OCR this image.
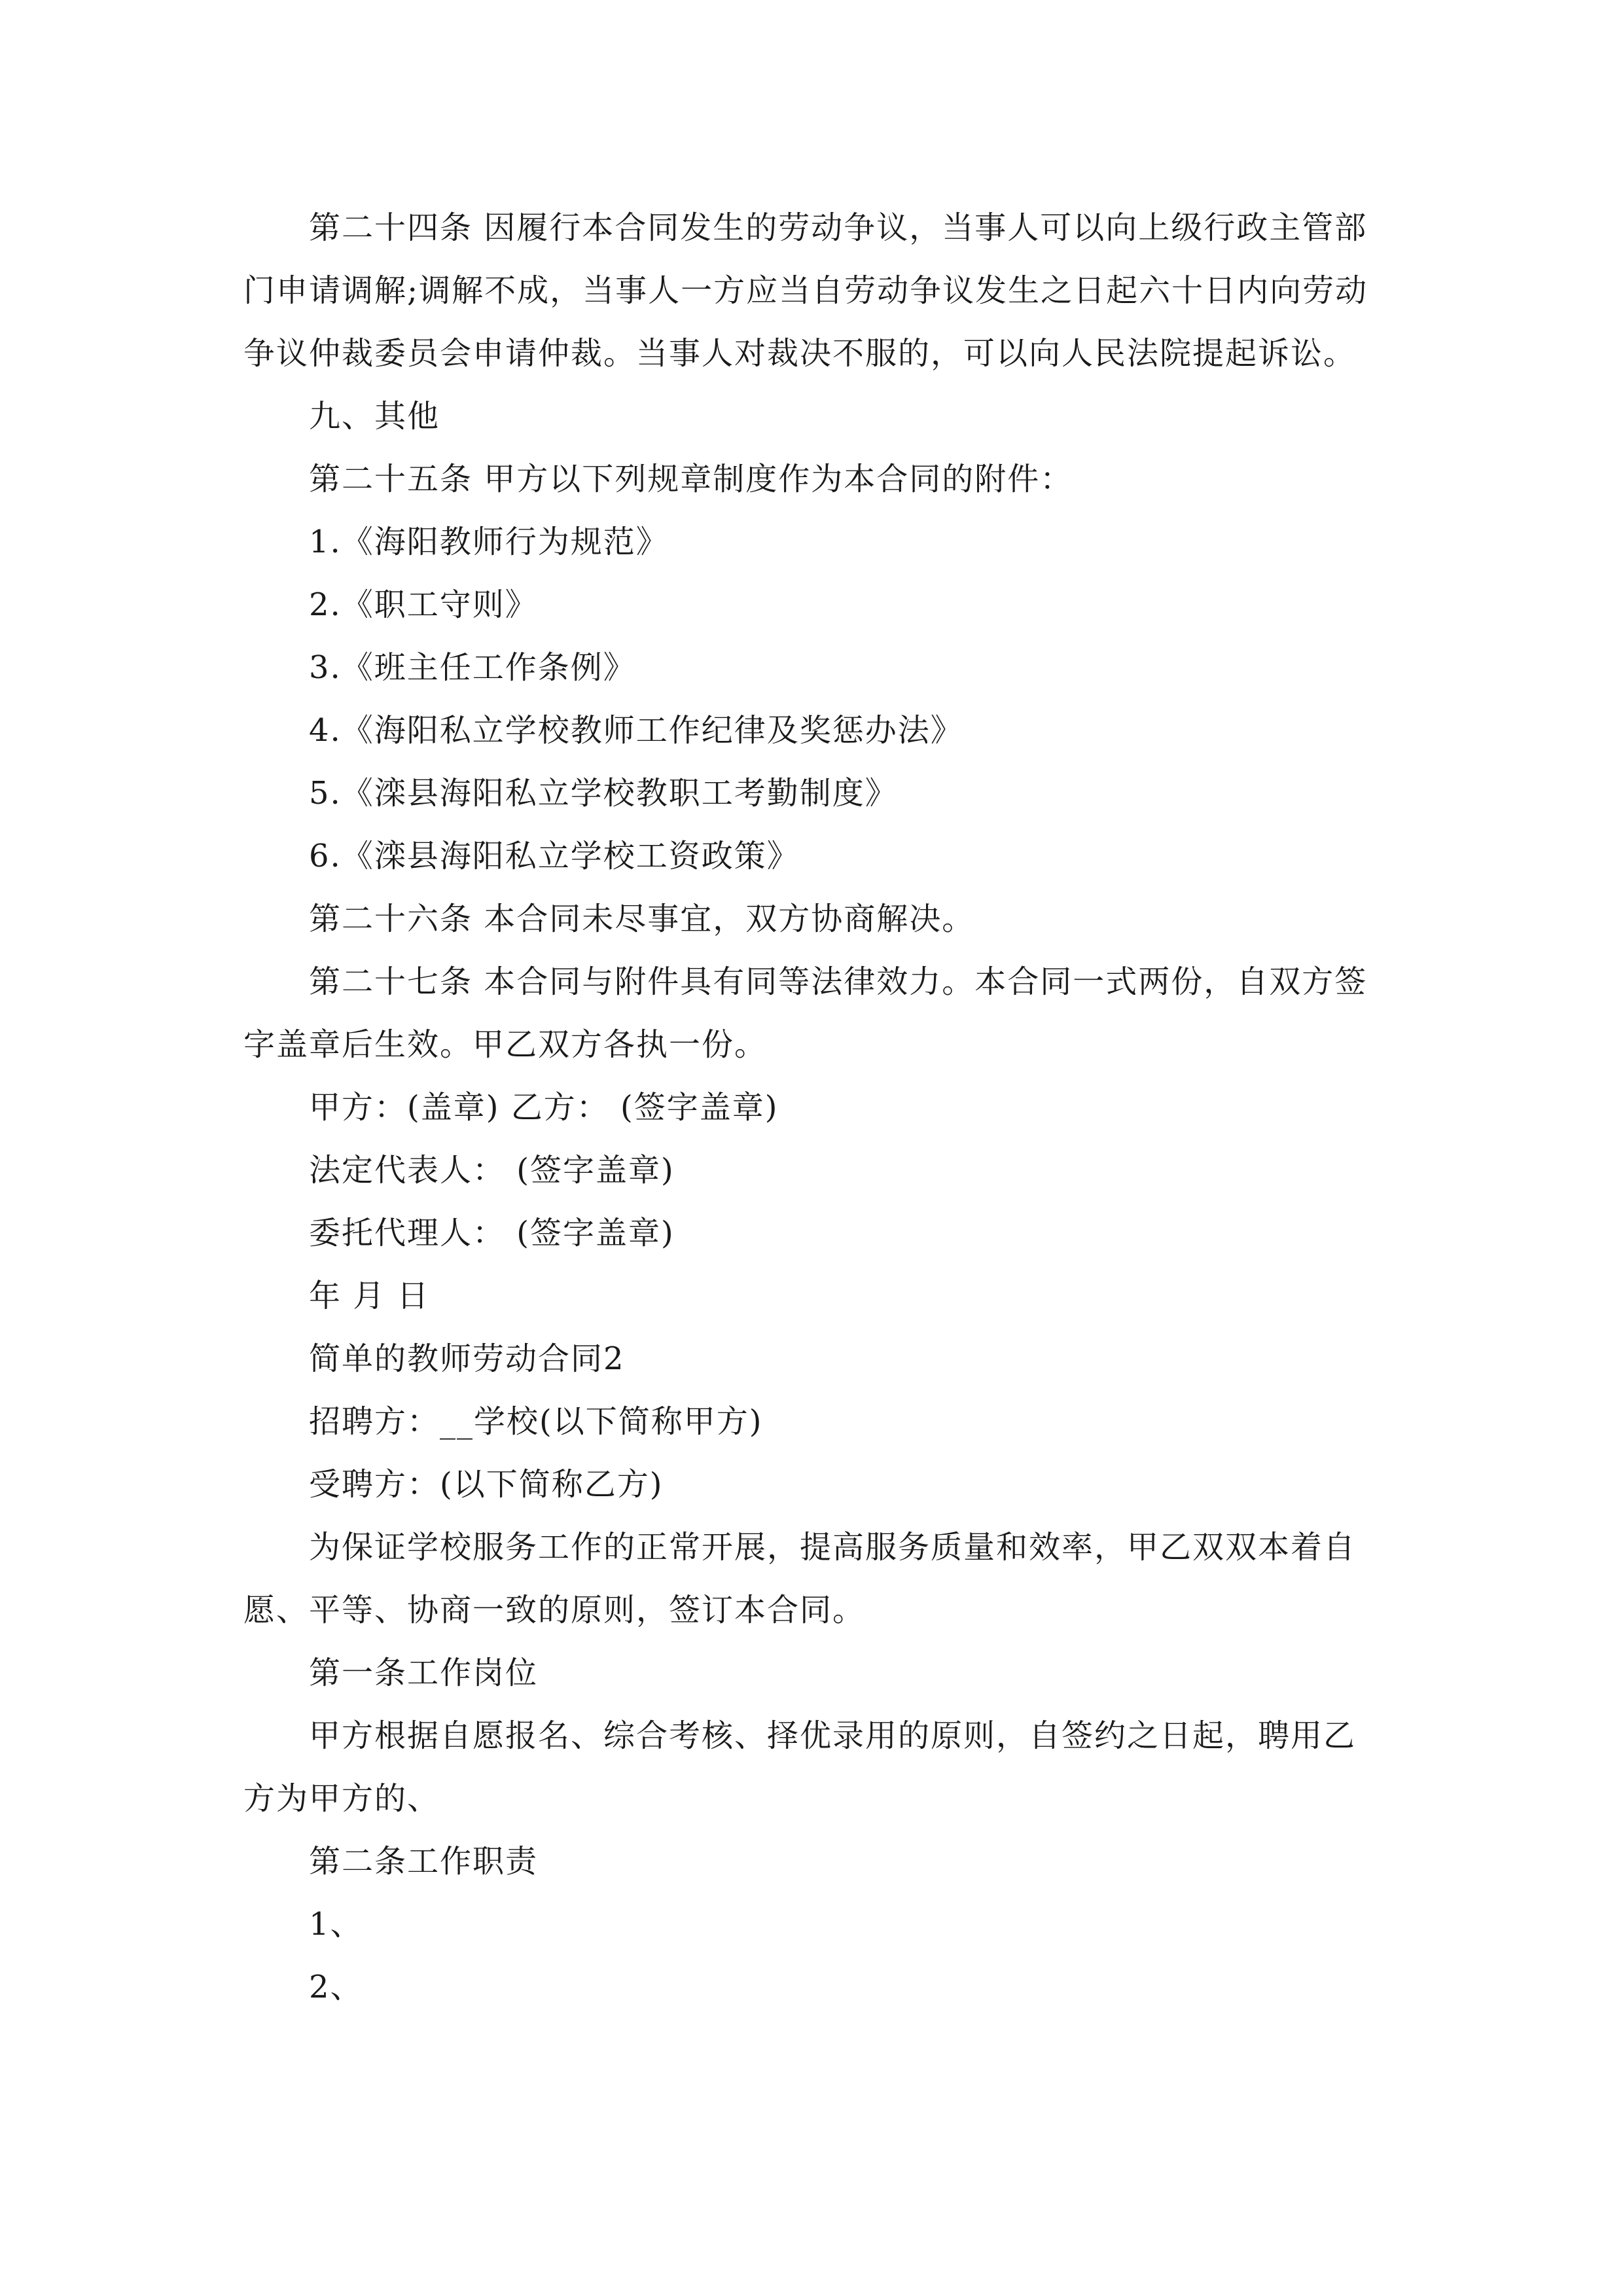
第二十四条 因履行本合同发生的劳动争议，当事人可以向上级行政主管部门申请调解;调解不成，当事人一方应当自劳动争议发生之日起六十日内向劳动争议仲裁委员会申请仲裁。当事人对裁决不服的，可以向人民法院提起诉讼。

九、其他

第二十五条 甲方以下列规章制度作为本合同的附件：

1.《海阳教师行为规范》

2.《职工守则》

3.《班主任工作条例》

4.《海阳私立学校教师工作纪律及奖惩办法》

5.《滦县海阳私立学校教职工考勤制度》

6.《滦县海阳私立学校工资政策》

第二十六条 本合同未尽事宜，双方协商解决。

第二十七条 本合同与附件具有同等法律效力。本合同一式两份，自双方签字盖章后生效。甲乙双方各执一份。

甲方：(盖章) 乙方： (签字盖章)

法定代表人： (签字盖章)

委托代理人： (签字盖章)

年 月 日

简单的教师劳动合同2

招聘方：__学校(以下简称甲方)

受聘方：(以下简称乙方)

为保证学校服务工作的正常开展，提高服务质量和效率，甲乙双双本着自愿、平等、协商一致的原则，签订本合同。

第一条工作岗位

甲方根据自愿报名、综合考核、择优录用的原则，自签约之日起，聘用乙方为甲方的、

第二条工作职责

1、

2、
